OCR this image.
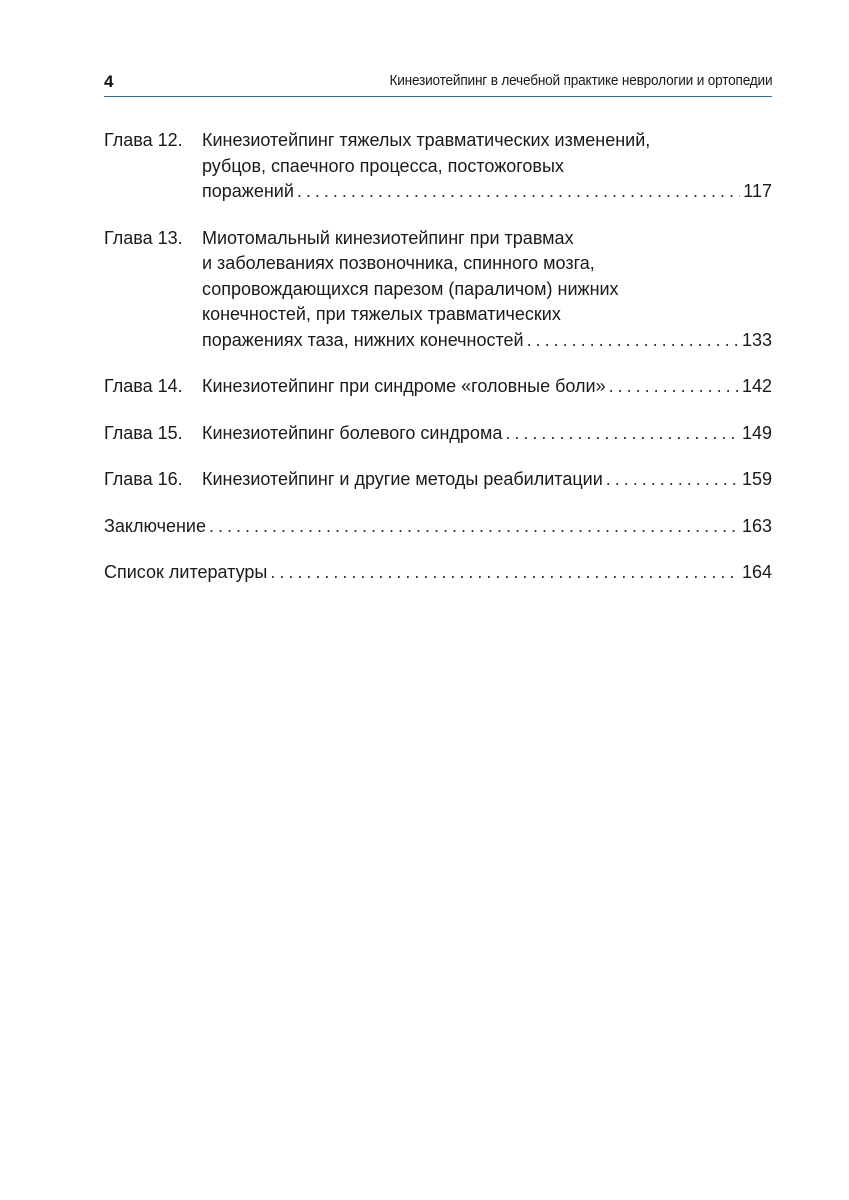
4	Кинезиотейпинг в лечебной практике неврологии и ортопедии
Глава 12.	Кинезиотейпинг тяжелых травматических изменений,
рубцов, спаечного процесса, постожоговых
поражений . . .	117
Глава 13.	Миотомальный кинезиотейпинг при травмах
и заболеваниях позвоночника, спинного мозга,
сопровождающихся парезом (параличом) нижних
конечностей, при тяжелых травматических
поражениях таза, нижних конечностей . . .	133
Глава 14.	Кинезиотейпинг при синдроме «головные боли» . . .	142
Глава 15.	Кинезиотейпинг болевого синдрома . . .	149
Глава 16.	Кинезиотейпинг и другие методы реабилитации . . .	159
Заключение . . .	163
Список литературы . . .	164
